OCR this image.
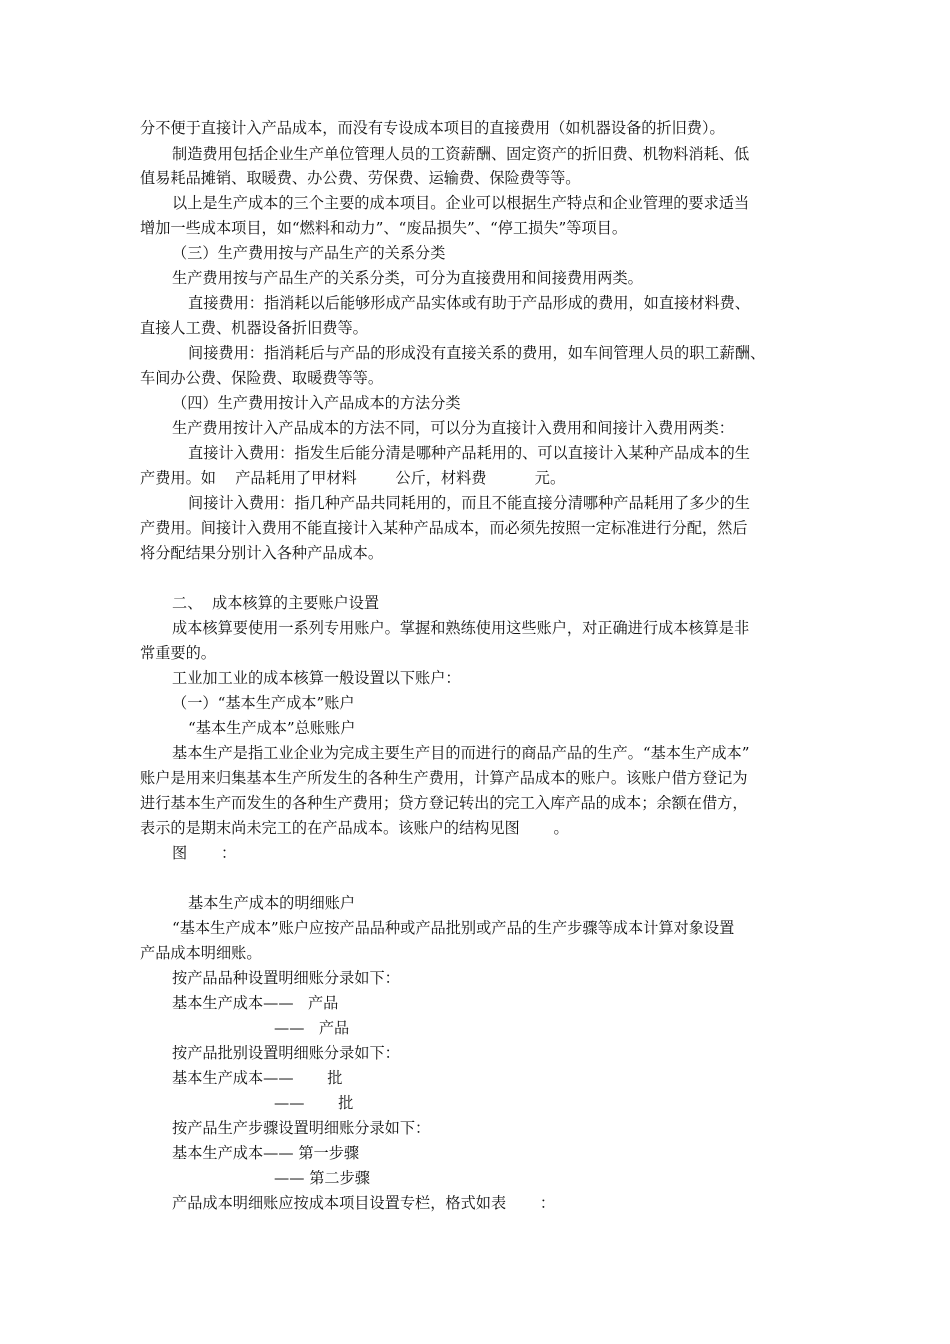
分不便于直接计入产品成本，而没有专设成本项目的直接费用（如机器设备的折旧费）。
制造费用包括企业生产单位管理人员的工资薪酬、固定资产的折旧费、机物料消耗、低
值易耗品摊销、取暖费、办公费、劳保费、运输费、保险费等等。
以上是生产成本的三个主要的成本项目。企业可以根据生产特点和企业管理的要求适当
增加一些成本项目，如“燃料和动力”、“废品损失”、“停工损失”等项目。
（三）生产费用按与产品生产的关系分类
生产费用按与产品生产的关系分类，可分为直接费用和间接费用两类。
直接费用：指消耗以后能够形成产品实体或有助于产品形成的费用，如直接材料费、
直接人工费、机器设备折旧费等。
间接费用：指消耗后与产品的形成没有直接关系的费用，如车间管理人员的职工薪酬、
车间办公费、保险费、取暖费等等。
（四）生产费用按计入产品成本的方法分类
生产费用按计入产品成本的方法不同，可以分为直接计入费用和间接计入费用两类：
直接计入费用：指发生后能分清是哪种产品耗用的、可以直接计入某种产品成本的生
产费用。如    产品耗用了甲材料        公斤，材料费          元。
间接计入费用：指几种产品共同耗用的，而且不能直接分清哪种产品耗用了多少的生
产费用。间接计入费用不能直接计入某种产品成本，而必须先按照一定标准进行分配，然后
将分配结果分别计入各种产品成本。
二、  成本核算的主要账户设置
成本核算要使用一系列专用账户。掌握和熟练使用这些账户，对正确进行成本核算是非
常重要的。
工业加工业的成本核算一般设置以下账户：
（一）“基本生产成本”账户
“基本生产成本”总账账户
基本生产是指工业企业为完成主要生产目的而进行的商品产品的生产。“基本生产成本”
账户是用来归集基本生产所发生的各种生产费用，计算产品成本的账户。该账户借方登记为
进行基本生产而发生的各种生产费用；贷方登记转出的完工入库产品的成本；余额在借方，
表示的是期末尚未完工的在产品成本。该账户的结构见图       。
图       ：
基本生产成本的明细账户
“基本生产成本”账户应按产品品种或产品批别或产品的生产步骤等成本计算对象设置
产品成本明细账。
按产品品种设置明细账分录如下：
基本生产成本——   产品
——   产品
按产品批别设置明细账分录如下：
基本生产成本——       批
——       批
按产品生产步骤设置明细账分录如下：
基本生产成本—— 第一步骤
—— 第二步骤
产品成本明细账应按成本项目设置专栏，格式如表       ：
